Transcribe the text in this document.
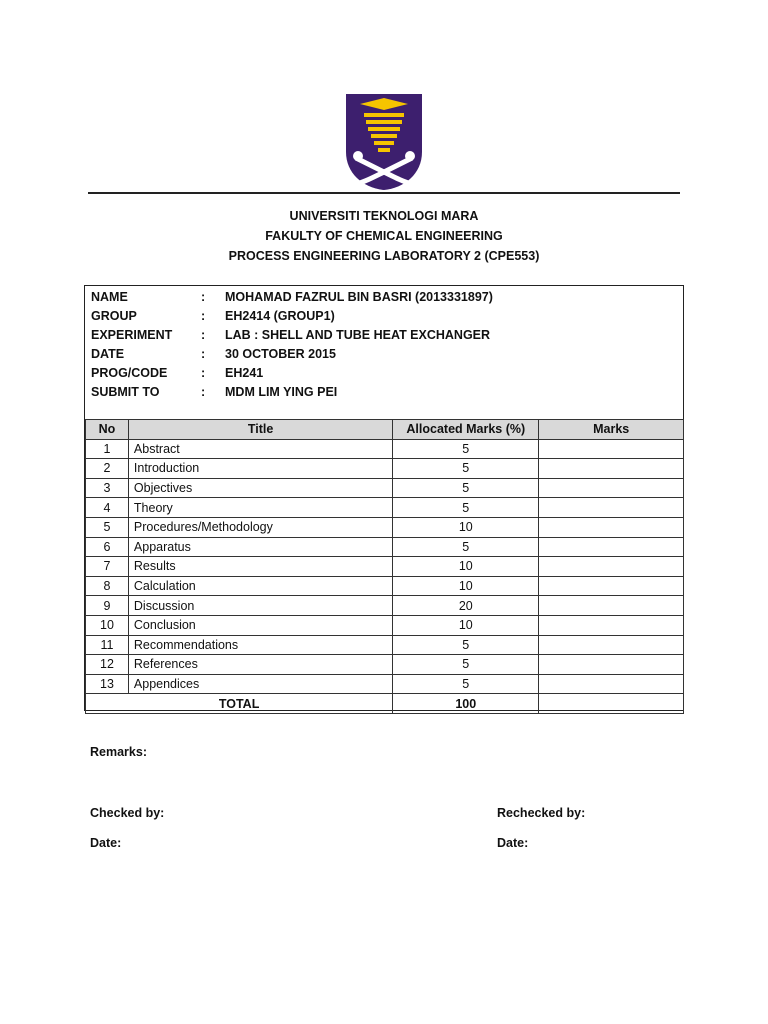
UNIVERSITI TEKNOLOGI MARA
FAKULTY OF CHEMICAL ENGINEERING
PROCESS ENGINEERING LABORATORY 2 (CPE553)
NAME	:	MOHAMAD FAZRUL BIN BASRI (2013331897)
GROUP	:	EH2414 (GROUP1)
EXPERIMENT	:	LAB : SHELL AND TUBE HEAT EXCHANGER
DATE	:	30 OCTOBER 2015
PROG/CODE	:	EH241
SUBMIT TO	:	MDM LIM YING PEI
No	Title	Allocated Marks (%)	Marks
1	Abstract	5	
2	Introduction	5	
3	Objectives	5	
4	Theory	5	
5	Procedures/Methodology	10	
6	Apparatus	5	
7	Results	10	
8	Calculation	10	
9	Discussion	20	
10	Conclusion	10	
11	Recommendations	5	
12	References	5	
13	Appendices	5	
TOTAL		100	
Remarks:
Checked by:	Rechecked by:
Date:	Date:
